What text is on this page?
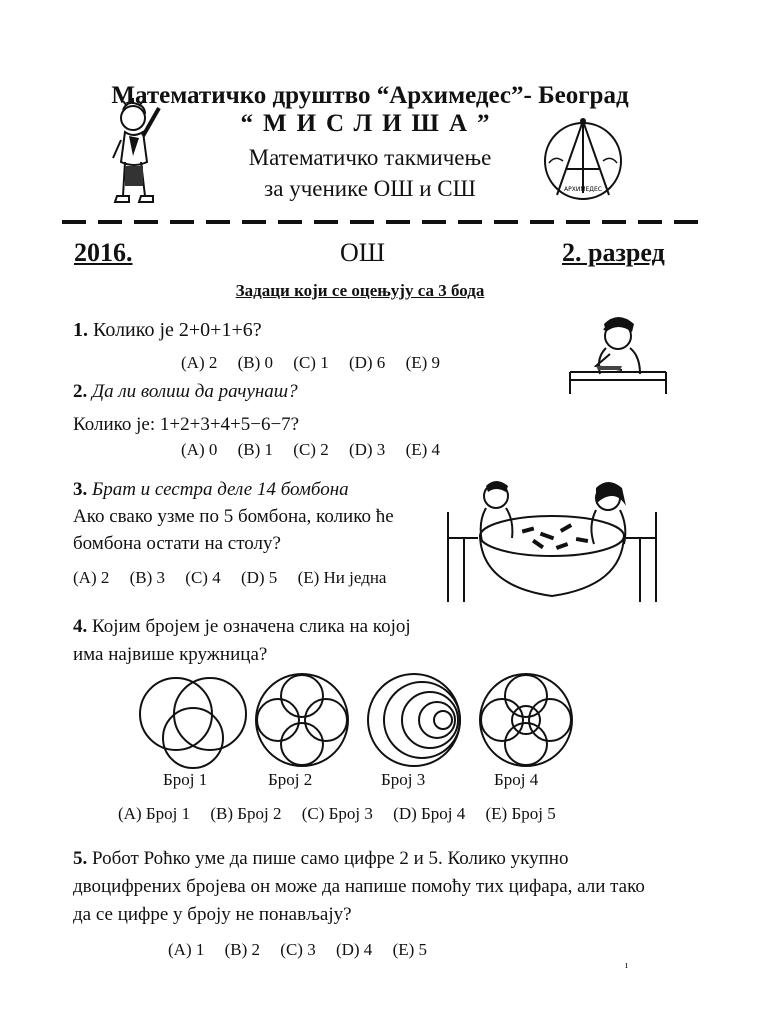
Математичко друштво “Архимедес”- Београд
“МИСЛИША”
Математичко такмичење
за ученике ОШ и СШ	АРХИМЕДЕС
2016.	ОШ	2. разред
Задаци који се оцењују са 3 бода
1. Колико је 2+0+1+6?
(A) 2 (B) 0 (C) 1 (D) 6 (E) 9
2. Да ли волиш да рачунаш?
Колико је: 1+2+3+4+5−6−7?
(A) 0 (B) 1 (C) 2 (D) 3 (E) 4
3. Брат и сестра деле 14 бомбона
Ако свако узме по 5 бомбона, колико ће
бомбона остати на столу?
(A) 2 (B) 3 (C) 4 (D) 5 (E) Ни једна
4. Којим бројем је означена слика на којој
има највише кружница?
Број 1	Број 2	Број 3	Број 4
(A) Број 1 (B) Број 2 (C) Број 3 (D) Број 4 (E) Број 5
5. Робот Роћко уме да пише само цифре 2 и 5. Колико укупно
двоцифрених бројева он може да напише помоћу тих цифара, али тако
да се цифре у броју не понављају?
(A) 1 (B) 2 (C) 3 (D) 4 (E) 5
ı
